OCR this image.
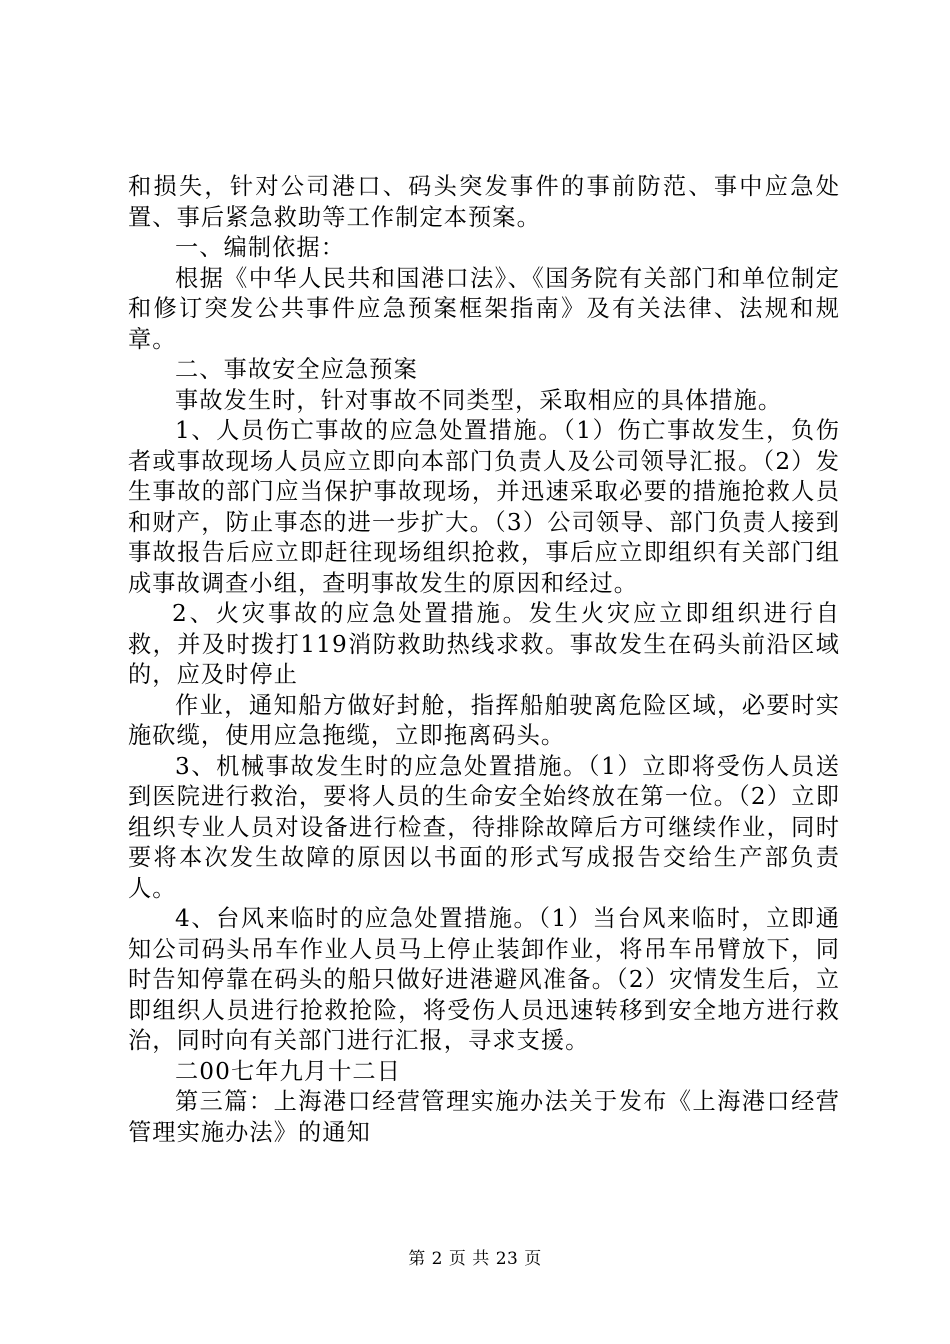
和损失，针对公司港口、码头突发事件的事前防范、事中应急处置、事后紧急救助等工作制定本预案。

一、编制依据：

根据《中华人民共和国港口法》、《国务院有关部门和单位制定和修订突发公共事件应急预案框架指南》及有关法律、法规和规章。

二、事故安全应急预案

事故发生时，针对事故不同类型，采取相应的具体措施。

1、人员伤亡事故的应急处置措施。（1）伤亡事故发生，负伤者或事故现场人员应立即向本部门负责人及公司领导汇报。（2）发生事故的部门应当保护事故现场，并迅速采取必要的措施抢救人员和财产，防止事态的进一步扩大。（3）公司领导、部门负责人接到事故报告后应立即赶往现场组织抢救，事后应立即组织有关部门组成事故调查小组，查明事故发生的原因和经过。

2、火灾事故的应急处置措施。发生火灾应立即组织进行自救，并及时拨打119消防救助热线求救。事故发生在码头前沿区域的，应及时停止

作业，通知船方做好封舱，指挥船舶驶离危险区域，必要时实施砍缆，使用应急拖缆，立即拖离码头。

3、机械事故发生时的应急处置措施。（1）立即将受伤人员送到医院进行救治，要将人员的生命安全始终放在第一位。（2）立即组织专业人员对设备进行检查，待排除故障后方可继续作业，同时要将本次发生故障的原因以书面的形式写成报告交给生产部负责人。

4、台风来临时的应急处置措施。（1）当台风来临时，立即通知公司码头吊车作业人员马上停止装卸作业，将吊车吊臂放下，同时告知停靠在码头的船只做好进港避风准备。（2）灾情发生后，立即组织人员进行抢救抢险，将受伤人员迅速转移到安全地方进行救治，同时向有关部门进行汇报，寻求支援。

二00七年九月十二日

第三篇：上海港口经营管理实施办法关于发布《上海港口经营管理实施办法》的通知

第 2 页 共 23 页
